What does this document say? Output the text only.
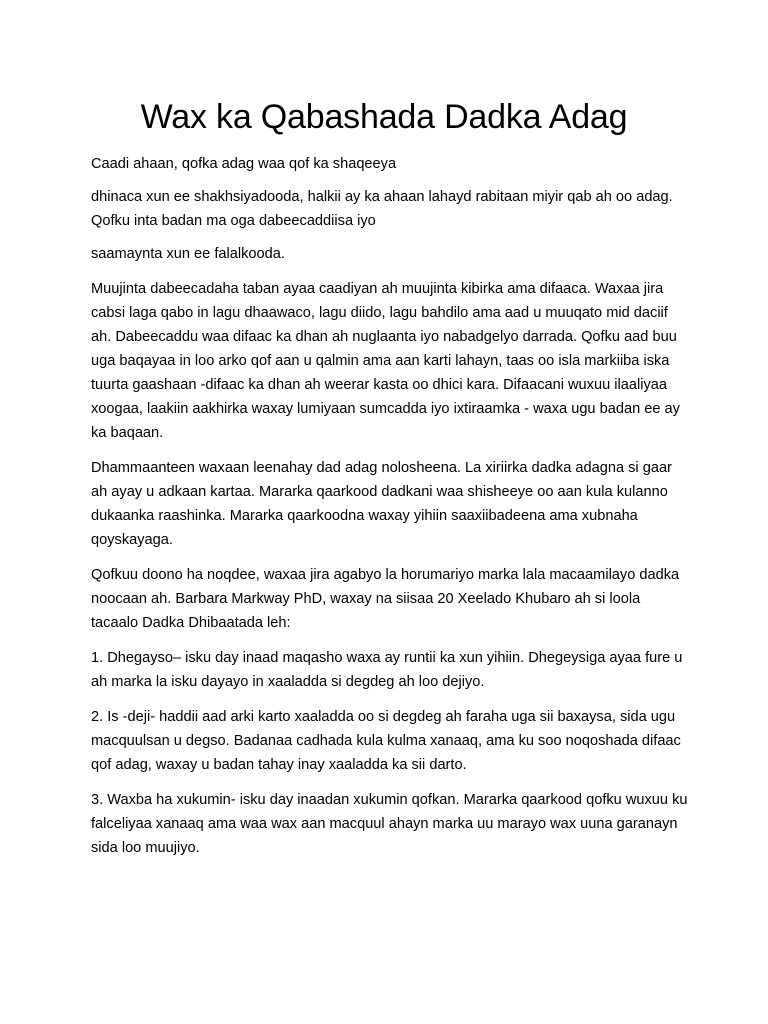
Wax ka Qabashada Dadka Adag

Caadi ahaan, qofka adag waa qof ka shaqeeya

dhinaca xun ee shakhsiyadooda, halkii ay ka ahaan lahayd rabitaan miyir qab ah oo adag. Qofku inta badan ma oga dabeecaddiisa iyo

saamaynta xun ee falalkooda.

Muujinta dabeecadaha taban ayaa caadiyan ah muujinta kibirka ama difaaca. Waxaa jira cabsi laga qabo in lagu dhaawaco, lagu diido, lagu bahdilo ama aad u muuqato mid daciif ah. Dabeecaddu waa difaac ka dhan ah nuglaanta iyo nabadgelyo darrada. Qofku aad buu uga baqayaa in loo arko qof aan u qalmin ama aan karti lahayn, taas oo isla markiiba iska tuurta gaashaan -difaac ka dhan ah weerar kasta oo dhici kara. Difaacani wuxuu ilaaliyaa xoogaa, laakiin aakhirka waxay lumiyaan sumcadda iyo ixtiraamka - waxa ugu badan ee ay ka baqaan.

Dhammaanteen waxaan leenahay dad adag nolosheena. La xiriirka dadka adagna si gaar ah ayay u adkaan kartaa. Mararka qaarkood dadkani waa shisheeye oo aan kula kulanno dukaanka raashinka. Mararka qaarkoodna waxay yihiin saaxiibadeena ama xubnaha qoyskayaga.

Qofkuu doono ha noqdee, waxaa jira agabyo la horumariyo marka lala macaamilayo dadka noocaan ah. Barbara Markway PhD, waxay na siisaa 20 Xeelado Khubaro ah si loola tacaalo Dadka Dhibaatada leh:

1. Dhegayso– isku day inaad maqasho waxa ay runtii ka xun yihiin. Dhegeysiga ayaa fure u ah marka la isku dayayo in xaaladda si degdeg ah loo dejiyo.

2. Is -deji- haddii aad arki karto xaaladda oo si degdeg ah faraha uga sii baxaysa, sida ugu macquulsan u degso. Badanaa cadhada kula kulma xanaaq, ama ku soo noqoshada difaac qof adag, waxay u badan tahay inay xaaladda ka sii darto.

3. Waxba ha xukumin- isku day inaadan xukumin qofkan. Mararka qaarkood qofku wuxuu ku falceliyaa xanaaq ama waa wax aan macquul ahayn marka uu marayo wax uuna garanayn sida loo muujiyo.
